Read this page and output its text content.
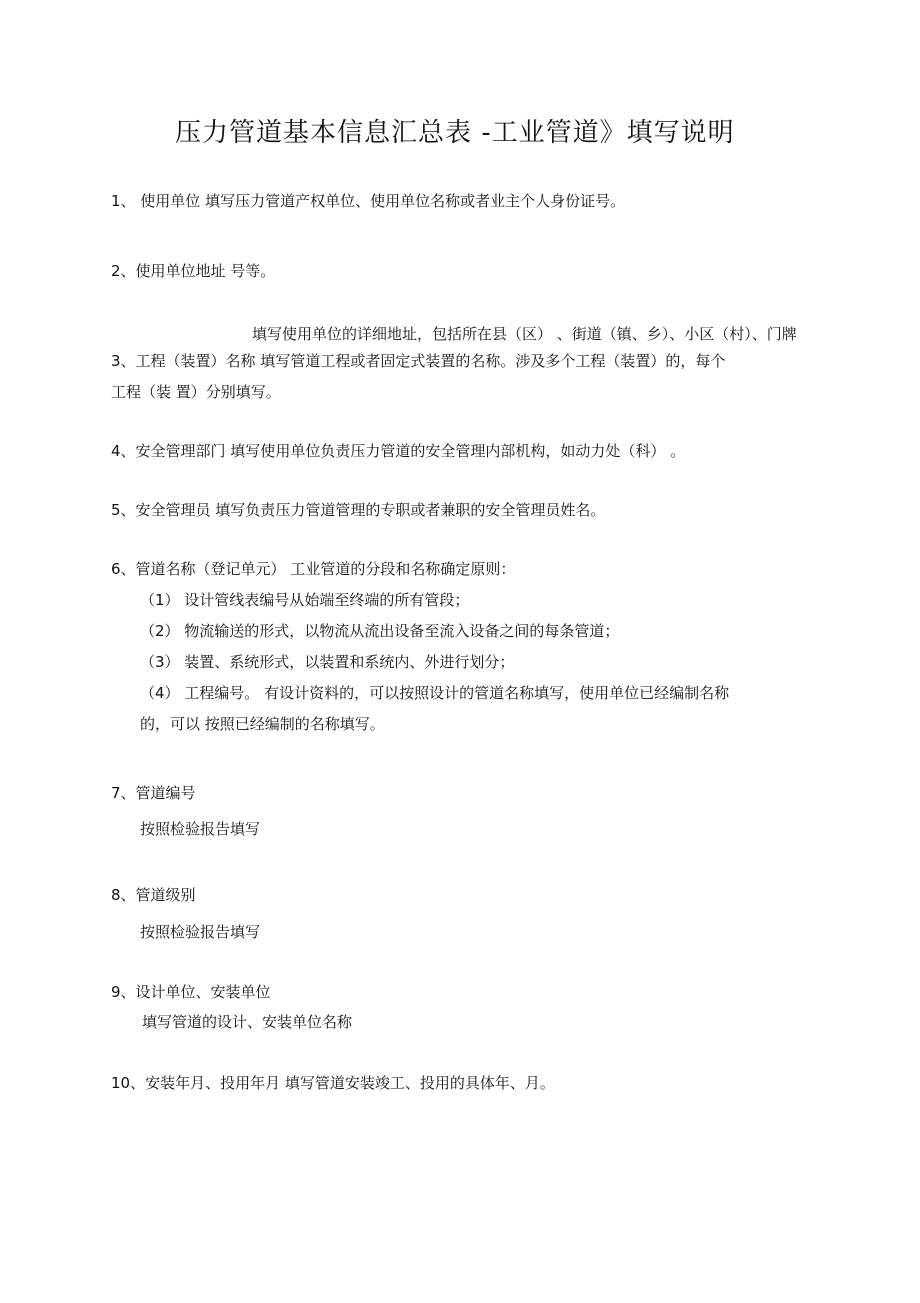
压力管道基本信息汇总表 -工业管道》填写说明
1、 使用单位 填写压力管道产权单位、使用单位名称或者业主个人身份证号。
2、使用单位地址 号等。
填写使用单位的详细地址，包括所在县（区） 、街道（镇、乡）、小区（村）、门牌
3、工程（装置）名称 填写管道工程或者固定式装置的名称。涉及多个工程（装置）的，每个
工程（装 置）分别填写。
4、安全管理部门 填写使用单位负责压力管道的安全管理内部机构，如动力处（科） 。
5、安全管理员 填写负责压力管道管理的专职或者兼职的安全管理员姓名。
6、管道名称（登记单元） 工业管道的分段和名称确定原则：
（1） 设计管线表编号从始端至终端的所有管段；
（2） 物流输送的形式，以物流从流出设备至流入设备之间的每条管道；
（3） 装置、系统形式，以装置和系统内、外进行划分；
（4） 工程编号。 有设计资料的，可以按照设计的管道名称填写，使用单位已经编制名称
的，可以 按照已经编制的名称填写。
7、管道编号
按照检验报告填写
8、管道级别
按照检验报告填写
9、设计单位、安装单位
填写管道的设计、安装单位名称
10、安装年月、投用年月 填写管道安装竣工、投用的具体年、月。
